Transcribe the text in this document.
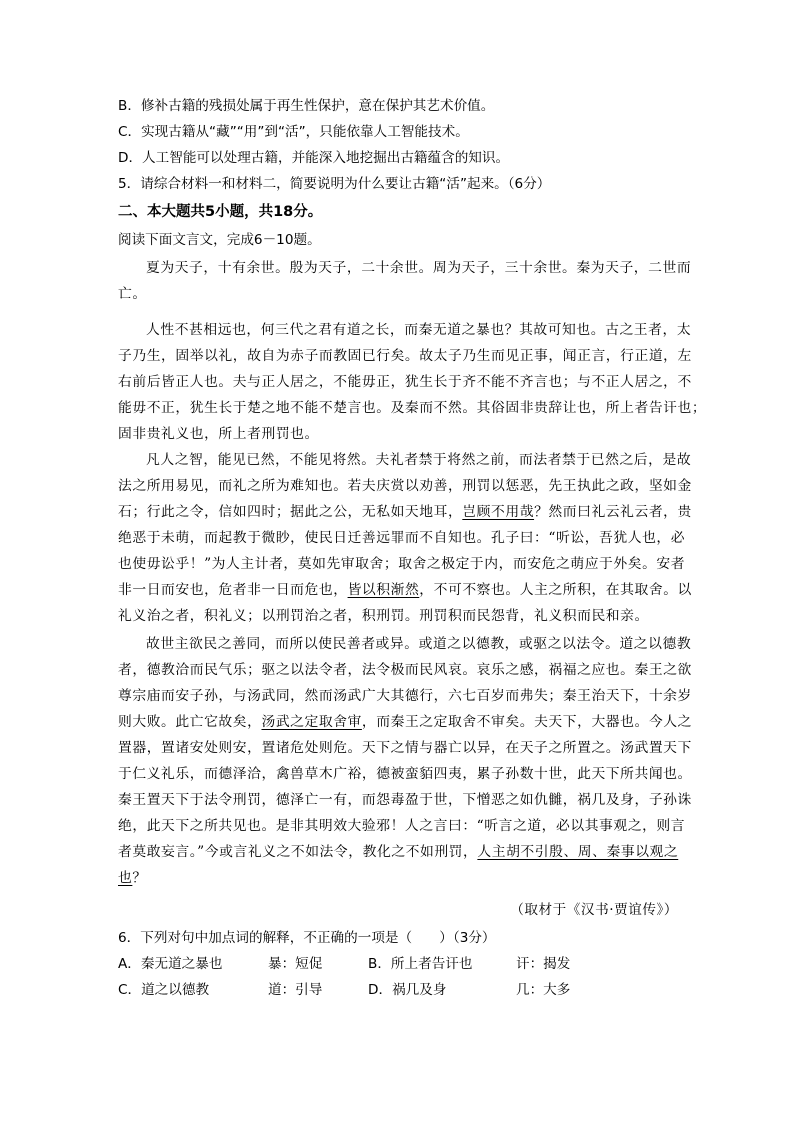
B．修补古籍的残损处属于再生性保护，意在保护其艺术价值。
C．实现古籍从“藏”“用”到“活”，只能依靠人工智能技术。
D．人工智能可以处理古籍，并能深入地挖掘出古籍蕴含的知识。
5．请综合材料一和材料二，简要说明为什么要让古籍“活”起来。（6分）
二、本大题共5小题，共18分。
阅读下面文言文，完成6－10题。
夏为天子，十有余世。殷为天子，二十余世。周为天子，三十余世。秦为天子，二世而
亡。
人性不甚相远也，何三代之君有道之长，而秦无道之暴也？其故可知也。古之王者，太
子乃生，固举以礼，故自为赤子而教固已行矣。故太子乃生而见正事，闻正言，行正道，左
右前后皆正人也。夫与正人居之，不能毋正，犹生长于齐不能不齐言也；与不正人居之，不
能毋不正，犹生长于楚之地不能不楚言也。及秦而不然。其俗固非贵辞让也，所上者告讦也；
固非贵礼义也，所上者刑罚也。
凡人之智，能见已然，不能见将然。夫礼者禁于将然之前，而法者禁于已然之后，是故
法之所用易见，而礼之所为难知也。若夫庆赏以劝善，刑罚以惩恶，先王执此之政，坚如金
石；行此之令，信如四时；据此之公，无私如天地耳，岂顾不用哉？然而曰礼云礼云者，贵
绝恶于未萌，而起教于微眇，使民日迁善远罪而不自知也。孔子曰：“听讼，吾犹人也，必
也使毋讼乎！”为人主计者，莫如先审取舍；取舍之极定于内，而安危之萌应于外矣。安者
非一日而安也，危者非一日而危也，皆以积渐然，不可不察也。人主之所积，在其取舍。以
礼义治之者，积礼义；以刑罚治之者，积刑罚。刑罚积而民怨背，礼义积而民和亲。
故世主欲民之善同，而所以使民善者或异。或道之以德教，或驱之以法令。道之以德教
者，德教洽而民气乐；驱之以法令者，法令极而民风哀。哀乐之感，祸福之应也。秦王之欲
尊宗庙而安子孙，与汤武同，然而汤武广大其德行，六七百岁而弗失；秦王治天下，十余岁
则大败。此亡它故矣，汤武之定取舍审，而秦王之定取舍不审矣。夫天下，大器也。今人之
置器，置诸安处则安，置诸危处则危。天下之情与器亡以异，在天子之所置之。汤武置天下
于仁义礼乐，而德泽洽，禽兽草木广裕，德被蛮貊四夷，累子孙数十世，此天下所共闻也。
秦王置天下于法令刑罚，德泽亡一有，而怨毒盈于世，下憎恶之如仇雠，祸几及身，子孙诛
绝，此天下之所共见也。是非其明效大验邪！人之言曰：“听言之道，必以其事观之，则言
者莫敢妄言。”今或言礼义之不如法令，教化之不如刑罚，人主胡不引殷、周、秦事以观之
也？
（取材于《汉书·贾谊传》）
6．下列对句中加点词的解释，不正确的一项是（　　）（3分）
A．秦无道之暴也	暴：短促	B．所上者告讦也	讦：揭发
C．道之以德教	道：引导	D．祸几及身	几：大多
